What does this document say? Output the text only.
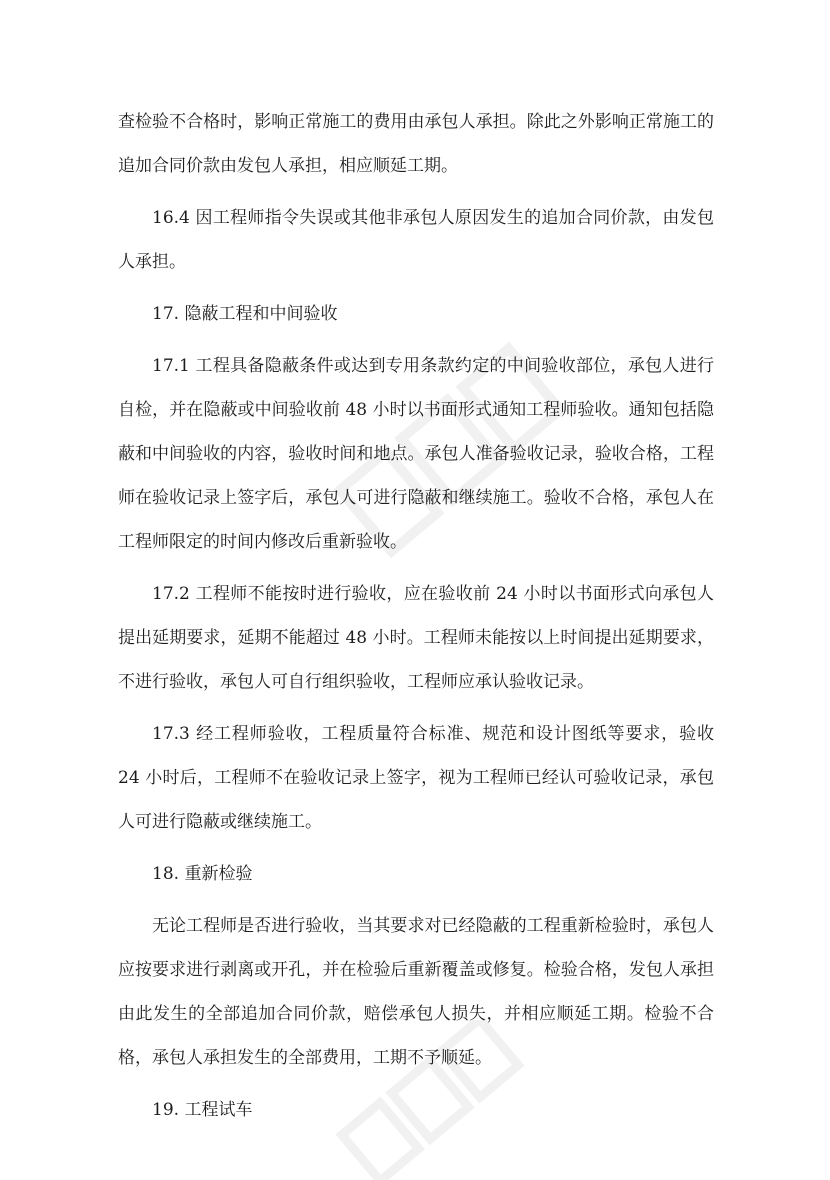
查检验不合格时，影响正常施工的费用由承包人承担。除此之外影响正常施工的追加合同价款由发包人承担，相应顺延工期。

16.4 因工程师指令失误或其他非承包人原因发生的追加合同价款，由发包人承担。

17. 隐蔽工程和中间验收

17.1 工程具备隐蔽条件或达到专用条款约定的中间验收部位，承包人进行自检，并在隐蔽或中间验收前 48 小时以书面形式通知工程师验收。通知包括隐蔽和中间验收的内容，验收时间和地点。承包人准备验收记录，验收合格，工程师在验收记录上签字后，承包人可进行隐蔽和继续施工。验收不合格，承包人在工程师限定的时间内修改后重新验收。

17.2 工程师不能按时进行验收，应在验收前 24 小时以书面形式向承包人提出延期要求，延期不能超过 48 小时。工程师未能按以上时间提出延期要求，不进行验收，承包人可自行组织验收，工程师应承认验收记录。

17.3 经工程师验收，工程质量符合标准、规范和设计图纸等要求，验收 24 小时后，工程师不在验收记录上签字，视为工程师已经认可验收记录，承包人可进行隐蔽或继续施工。

18. 重新检验

无论工程师是否进行验收，当其要求对已经隐蔽的工程重新检验时，承包人应按要求进行剥离或开孔，并在检验后重新覆盖或修复。检验合格，发包人承担由此发生的全部追加合同价款，赔偿承包人损失，并相应顺延工期。检验不合格，承包人承担发生的全部费用，工期不予顺延。

19. 工程试车
